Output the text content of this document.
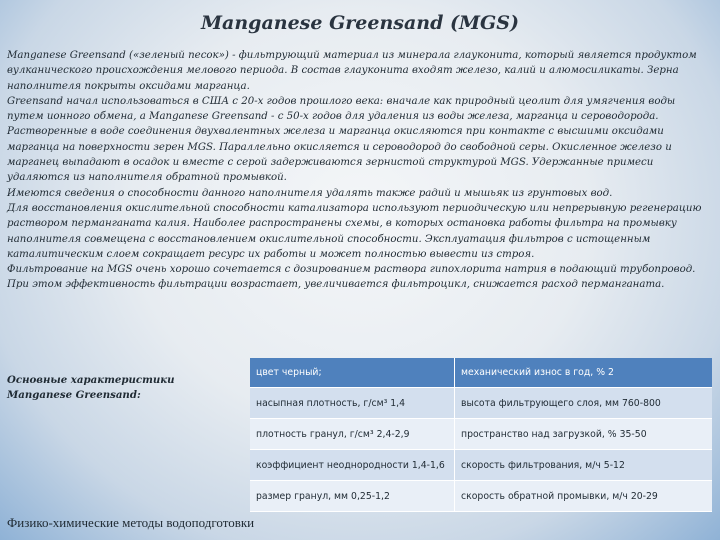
Manganese Greensand (MGS)

Manganese Greensand («зеленый песок») - фильтрующий материал из минерала глауконита, который является продуктом вулканического происхождения мелового периода. В состав глауконита входят железо, калий и алюмосиликаты. Зерна наполнителя покрыты оксидами марганца.

Greensand начал использоваться в США с 20-х годов прошлого века: вначале как природный цеолит для умягчения воды путем ионного обмена, а Manganese Greensand - с 50-х годов для удаления из воды железа, марганца и сероводорода.

Растворенные в воде соединения двухвалентных железа и марганца окисляются при контакте с высшими оксидами марганца на поверхности зерен MGS. Параллельно окисляется и сероводород до свободной серы. Окисленное железо и марганец выпадают в осадок и вместе с серой задерживаются зернистой структурой MGS. Удержанные примеси удаляются из наполнителя обратной промывкой.

Имеются сведения о способности данного наполнителя удалять также радий и мышьяк из грунтовых вод.

Для восстановления окислительной способности катализатора используют периодическую или непрерывную регенерацию раствором перманганата калия. Наиболее распространены схемы, в которых остановка работы фильтра на промывку наполнителя совмещена с восстановлением окислительной способности. Эксплуатация фильтров с истощенным каталитическим слоем сокращает ресурс их работы и может полностью вывести из строя.

Фильтрование на MGS очень хорошо сочетается с дозированием раствора гипохлорита натрия в подающий трубопровод. При этом эффективность фильтрации возрастает, увеличивается фильтроцикл, снижается расход перманганата.

Основные характеристики
Manganese Greensand:
цвет черный;	механический износ в год, % 2
насыпная плотность, г/см³ 1,4	высота фильтрующего слоя, мм 760-800
плотность гранул, г/см³ 2,4-2,9	пространство над загрузкой, % 35-50
коэффициент неоднородности 1,4-1,6	скорость фильтрования, м/ч 5-12
размер гранул, мм 0,25-1,2	скорость обратной промывки, м/ч 20-29
Физико-химические методы водоподготовки
